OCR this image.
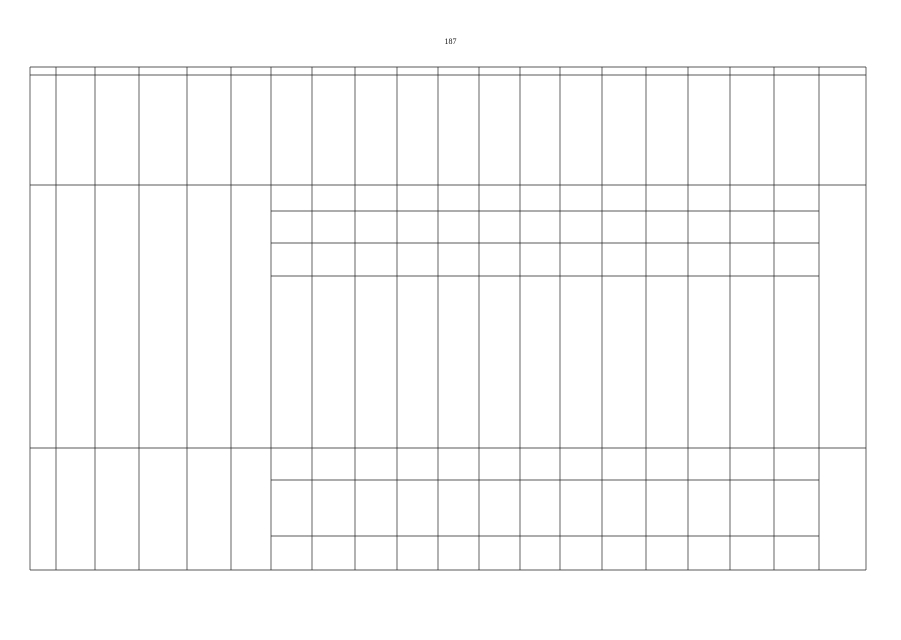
187
